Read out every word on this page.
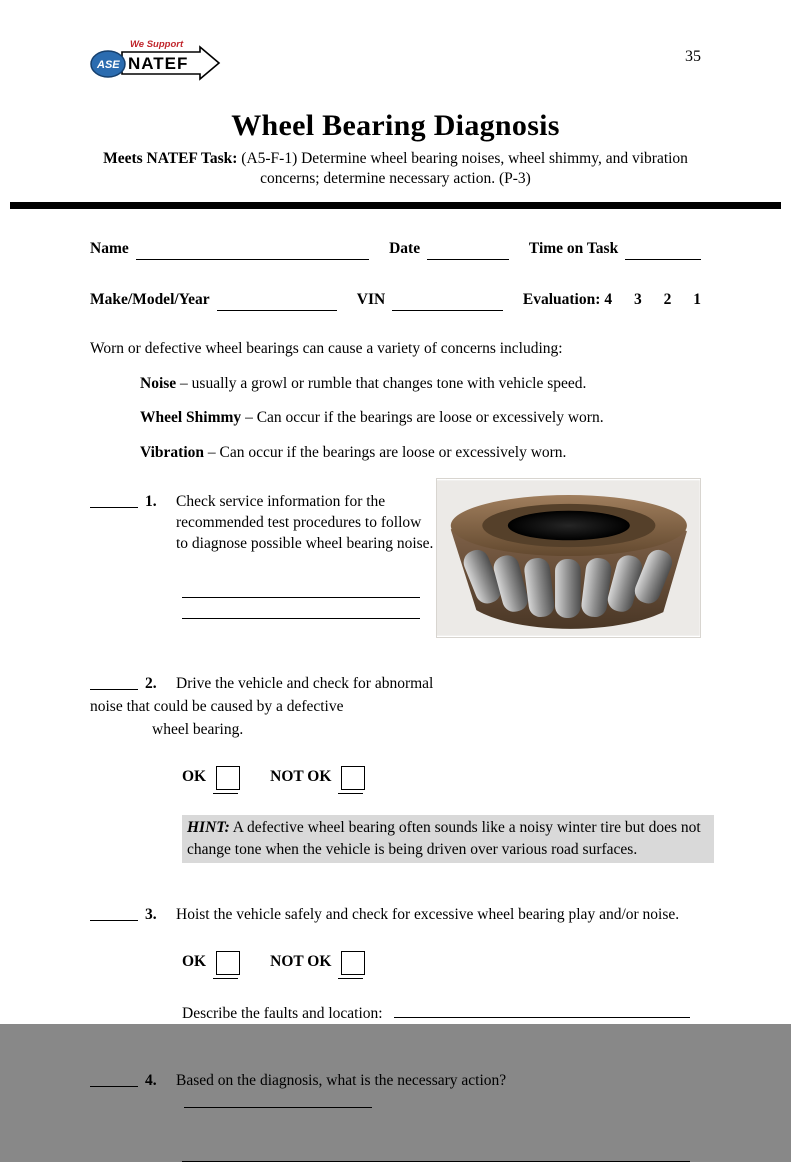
We Support
NATEF
ASE	35
Wheel Bearing Diagnosis

Meets NATEF Task: (A5-F-1) Determine wheel bearing noises, wheel shimmy, and vibration
concerns; determine necessary action. (P-3)

Name	Date	Time on Task
Make/Model/Year	VIN	Evaluation: 4 3 2 1

Worn or defective wheel bearings can cause a variety of concerns including:

Noise – usually a growl or rumble that changes tone with vehicle speed.
Wheel Shimmy – Can occur if the bearings are loose or excessively worn.
Vibration – Can occur if the bearings are loose or excessively worn.
1.	Check service information for the recommended test procedures to follow to diagnose possible wheel bearing noise.
2.	Drive the vehicle and check for abnormal
noise that could be caused by a defective
wheel bearing.
OK	NOT OK

HINT: A defective wheel bearing often sounds like a noisy winter tire but does not change tone when the vehicle is being driven over various road surfaces.

3.	Hoist the vehicle safely and check for excessive wheel bearing play and/or noise.
OK	NOT OK
Describe the faults and location:
4.	Based on the diagnosis, what is the necessary action?
